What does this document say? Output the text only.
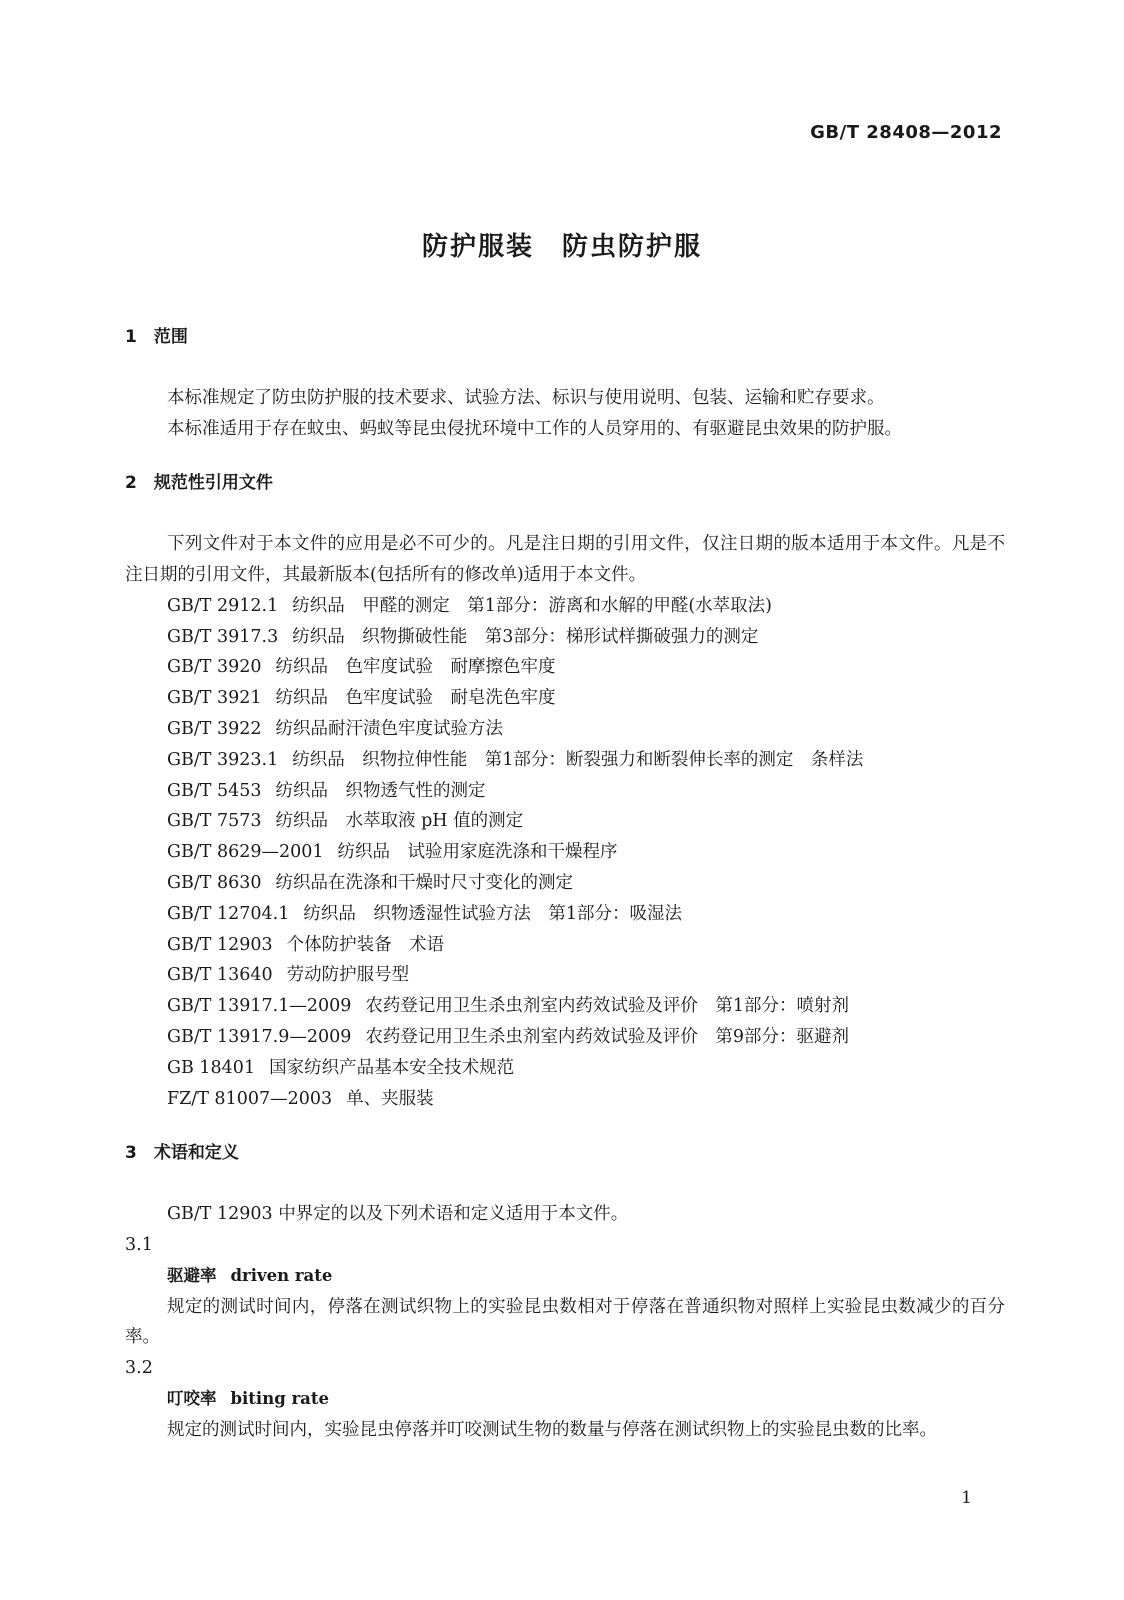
GB/T 28408—2012
防护服装　防虫防护服

1　范围

本标准规定了防虫防护服的技术要求、试验方法、标识与使用说明、包装、运输和贮存要求。

本标准适用于存在蚊虫、蚂蚁等昆虫侵扰环境中工作的人员穿用的、有驱避昆虫效果的防护服。

2　规范性引用文件

下列文件对于本文件的应用是必不可少的。凡是注日期的引用文件，仅注日期的版本适用于本文件。凡是不注日期的引用文件，其最新版本(包括所有的修改单)适用于本文件。

GB/T 2912.1 纺织品　甲醛的测定　第1部分：游离和水解的甲醛(水萃取法)
GB/T 3917.3 纺织品　织物撕破性能　第3部分：梯形试样撕破强力的测定
GB/T 3920 纺织品　色牢度试验　耐摩擦色牢度
GB/T 3921 纺织品　色牢度试验　耐皂洗色牢度
GB/T 3922 纺织品耐汗渍色牢度试验方法
GB/T 3923.1 纺织品　织物拉伸性能　第1部分：断裂强力和断裂伸长率的测定　条样法
GB/T 5453 纺织品　织物透气性的测定
GB/T 7573 纺织品　水萃取液 pH 值的测定
GB/T 8629—2001 纺织品　试验用家庭洗涤和干燥程序
GB/T 8630 纺织品在洗涤和干燥时尺寸变化的测定
GB/T 12704.1 纺织品　织物透湿性试验方法　第1部分：吸湿法
GB/T 12903 个体防护装备　术语
GB/T 13640 劳动防护服号型
GB/T 13917.1—2009 农药登记用卫生杀虫剂室内药效试验及评价　第1部分：喷射剂
GB/T 13917.9—2009 农药登记用卫生杀虫剂室内药效试验及评价　第9部分：驱避剂
GB 18401 国家纺织产品基本安全技术规范
FZ/T 81007—2003 单、夹服装

3　术语和定义

GB/T 12903 中界定的以及下列术语和定义适用于本文件。

3.1

驱避率 driven rate

规定的测试时间内，停落在测试织物上的实验昆虫数相对于停落在普通织物对照样上实验昆虫数减少的百分率。

3.2

叮咬率 biting rate

规定的测试时间内，实验昆虫停落并叮咬测试生物的数量与停落在测试织物上的实验昆虫数的比率。

1
